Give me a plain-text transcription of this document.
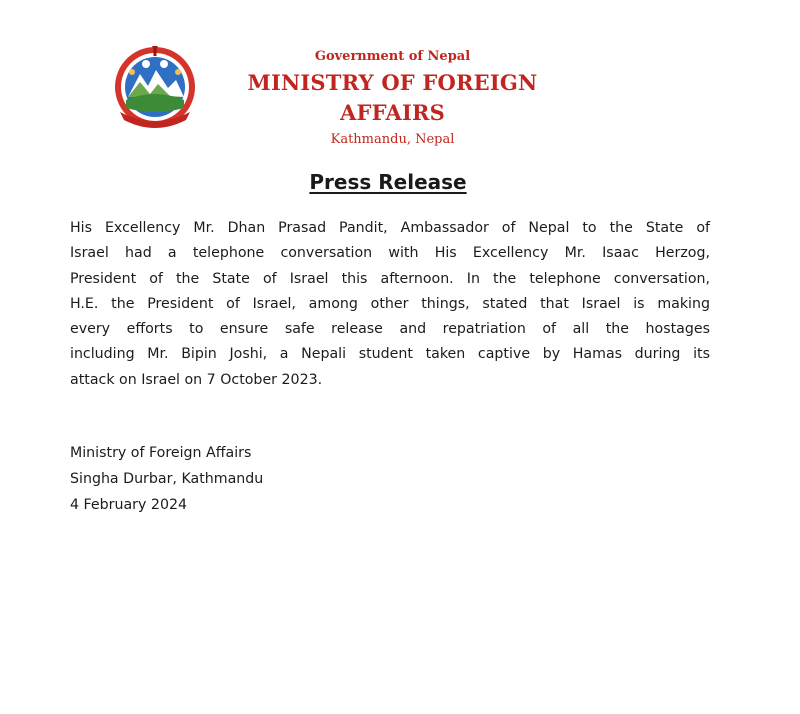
Government of Nepal
MINISTRY OF FOREIGN AFFAIRS
Kathmandu, Nepal
Press Release
His Excellency Mr. Dhan Prasad Pandit, Ambassador of Nepal to the State of
Israel had a telephone conversation with His Excellency Mr. Isaac Herzog,
President of the State of Israel this afternoon. In the telephone conversation,
H.E. the President of Israel, among other things, stated that Israel is making
every efforts to ensure safe release and repatriation of all the hostages
including Mr. Bipin Joshi, a Nepali student taken captive by Hamas during its
attack on Israel on 7 October 2023.
Ministry of Foreign Affairs
Singha Durbar, Kathmandu
4 February 2024
